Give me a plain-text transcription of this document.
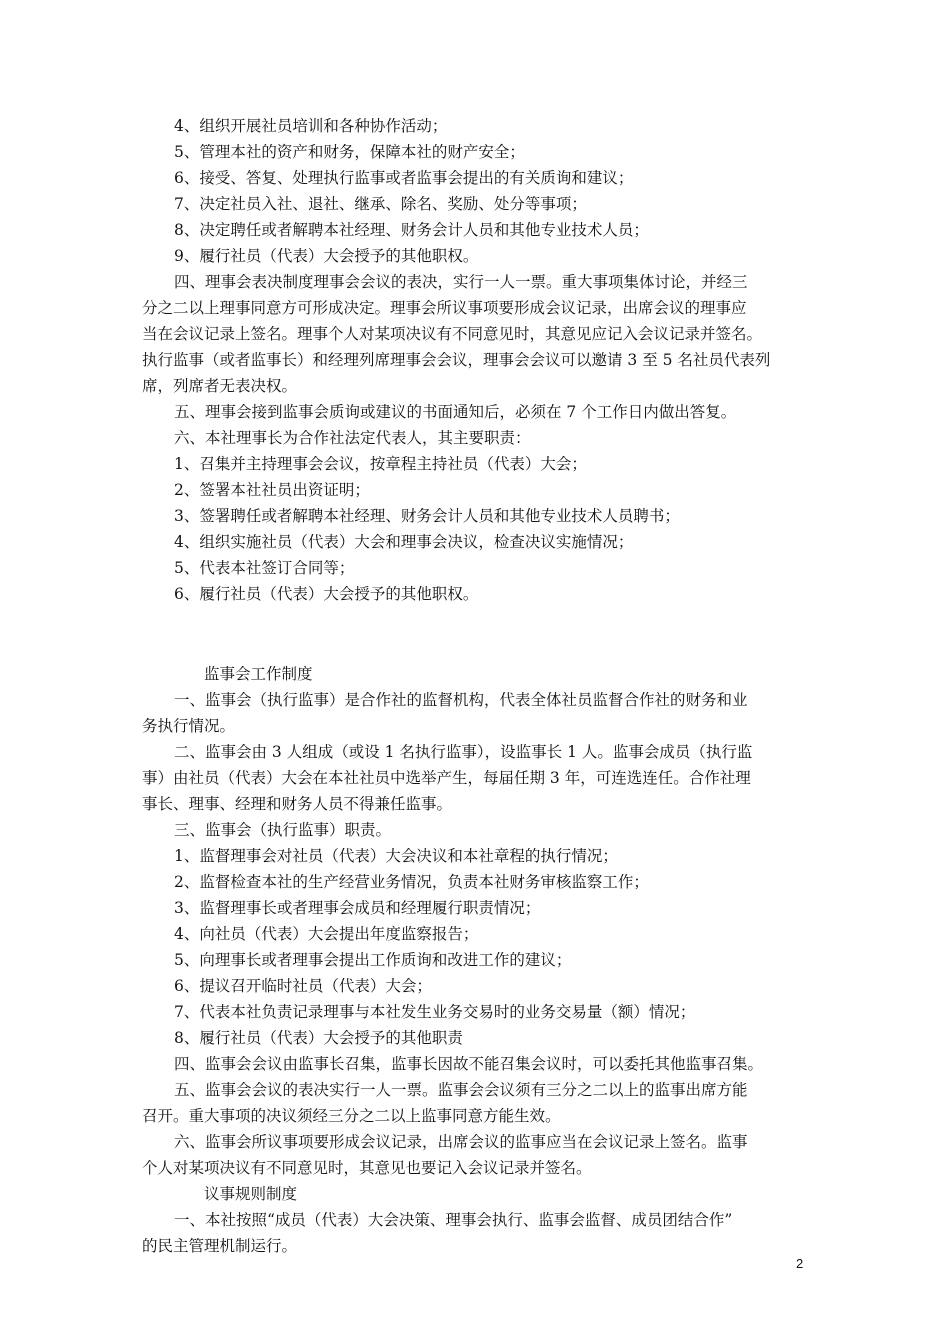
4、组织开展社员培训和各种协作活动；
5、管理本社的资产和财务，保障本社的财产安全；
6、接受、答复、处理执行监事或者监事会提出的有关质询和建议；
7、决定社员入社、退社、继承、除名、奖励、处分等事项；
8、决定聘任或者解聘本社经理、财务会计人员和其他专业技术人员；
9、履行社员（代表）大会授予的其他职权。
四、理事会表决制度理事会会议的表决，实行一人一票。重大事项集体讨论，并经三
分之二以上理事同意方可形成决定。理事会所议事项要形成会议记录，出席会议的理事应
当在会议记录上签名。理事个人对某项决议有不同意见时，其意见应记入会议记录并签名。
执行监事（或者监事长）和经理列席理事会会议，理事会会议可以邀请 3 至 5 名社员代表列
席，列席者无表决权。
五、理事会接到监事会质询或建议的书面通知后，必须在 7 个工作日内做出答复。
六、本社理事长为合作社法定代表人，其主要职责：
1、召集并主持理事会会议，按章程主持社员（代表）大会；
2、签署本社社员出资证明；
3、签署聘任或者解聘本社经理、财务会计人员和其他专业技术人员聘书；
4、组织实施社员（代表）大会和理事会决议，检查决议实施情况；
5、代表本社签订合同等；
6、履行社员（代表）大会授予的其他职权。
监事会工作制度
一、监事会（执行监事）是合作社的监督机构，代表全体社员监督合作社的财务和业
务执行情况。
二、监事会由 3 人组成（或设 1 名执行监事），设监事长 1 人。监事会成员（执行监
事）由社员（代表）大会在本社社员中选举产生，每届任期 3 年，可连选连任。合作社理
事长、理事、经理和财务人员不得兼任监事。
三、监事会（执行监事）职责。
1、监督理事会对社员（代表）大会决议和本社章程的执行情况；
2、监督检查本社的生产经营业务情况，负责本社财务审核监察工作；
3、监督理事长或者理事会成员和经理履行职责情况；
4、向社员（代表）大会提出年度监察报告；
5、向理事长或者理事会提出工作质询和改进工作的建议；
6、提议召开临时社员（代表）大会；
7、代表本社负责记录理事与本社发生业务交易时的业务交易量（额）情况；
8、履行社员（代表）大会授予的其他职责
四、监事会会议由监事长召集，监事长因故不能召集会议时，可以委托其他监事召集。
五、监事会会议的表决实行一人一票。监事会会议须有三分之二以上的监事出席方能
召开。重大事项的决议须经三分之二以上监事同意方能生效。
六、监事会所议事项要形成会议记录，出席会议的监事应当在会议记录上签名。监事
个人对某项决议有不同意见时，其意见也要记入会议记录并签名。
议事规则制度
一、本社按照“成员（代表）大会决策、理事会执行、监事会监督、成员团结合作”
的民主管理机制运行。
2
